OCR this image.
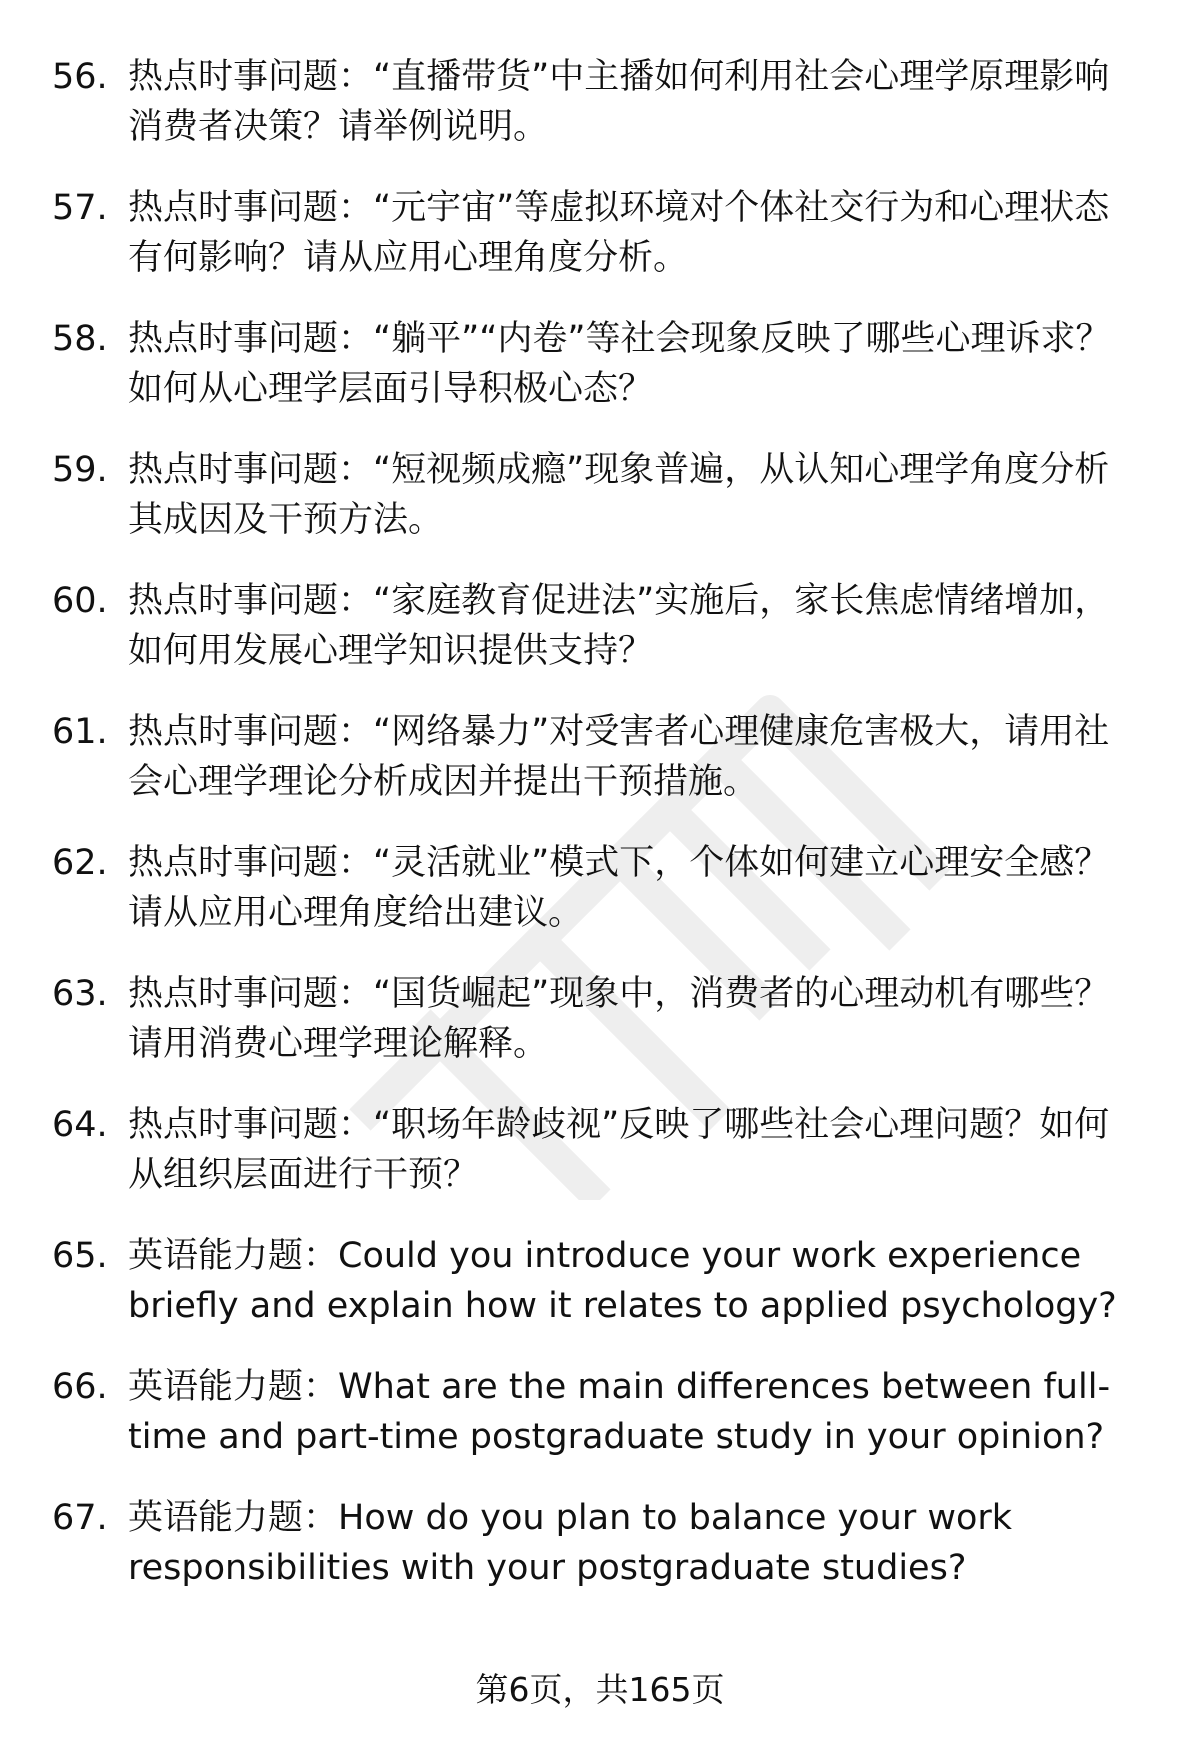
56. 热点时事问题：“直播带货”中主播如何利用社会心理学原理影响消费者决策？请举例说明。
57. 热点时事问题：“元宇宙”等虚拟环境对个体社交行为和心理状态有何影响？请从应用心理角度分析。
58. 热点时事问题：“躺平”“内卷”等社会现象反映了哪些心理诉求？如何从心理学层面引导积极心态？
59. 热点时事问题：“短视频成瘾”现象普遍，从认知心理学角度分析其成因及干预方法。
60. 热点时事问题：“家庭教育促进法”实施后，家长焦虑情绪增加，如何用发展心理学知识提供支持？
61. 热点时事问题：“网络暴力”对受害者心理健康危害极大，请用社会心理学理论分析成因并提出干预措施。
62. 热点时事问题：“灵活就业”模式下，个体如何建立心理安全感？请从应用心理角度给出建议。
63. 热点时事问题：“国货崛起”现象中，消费者的心理动机有哪些？请用消费心理学理论解释。
64. 热点时事问题：“职场年龄歧视”反映了哪些社会心理问题？如何从组织层面进行干预？
65. 英语能力题：Could you introduce your work experience briefly and explain how it relates to applied psychology?
66. 英语能力题：What are the main differences between full-time and part-time postgraduate study in your opinion?
67. 英语能力题：How do you plan to balance your work responsibilities with your postgraduate studies?
第6页，共165页
